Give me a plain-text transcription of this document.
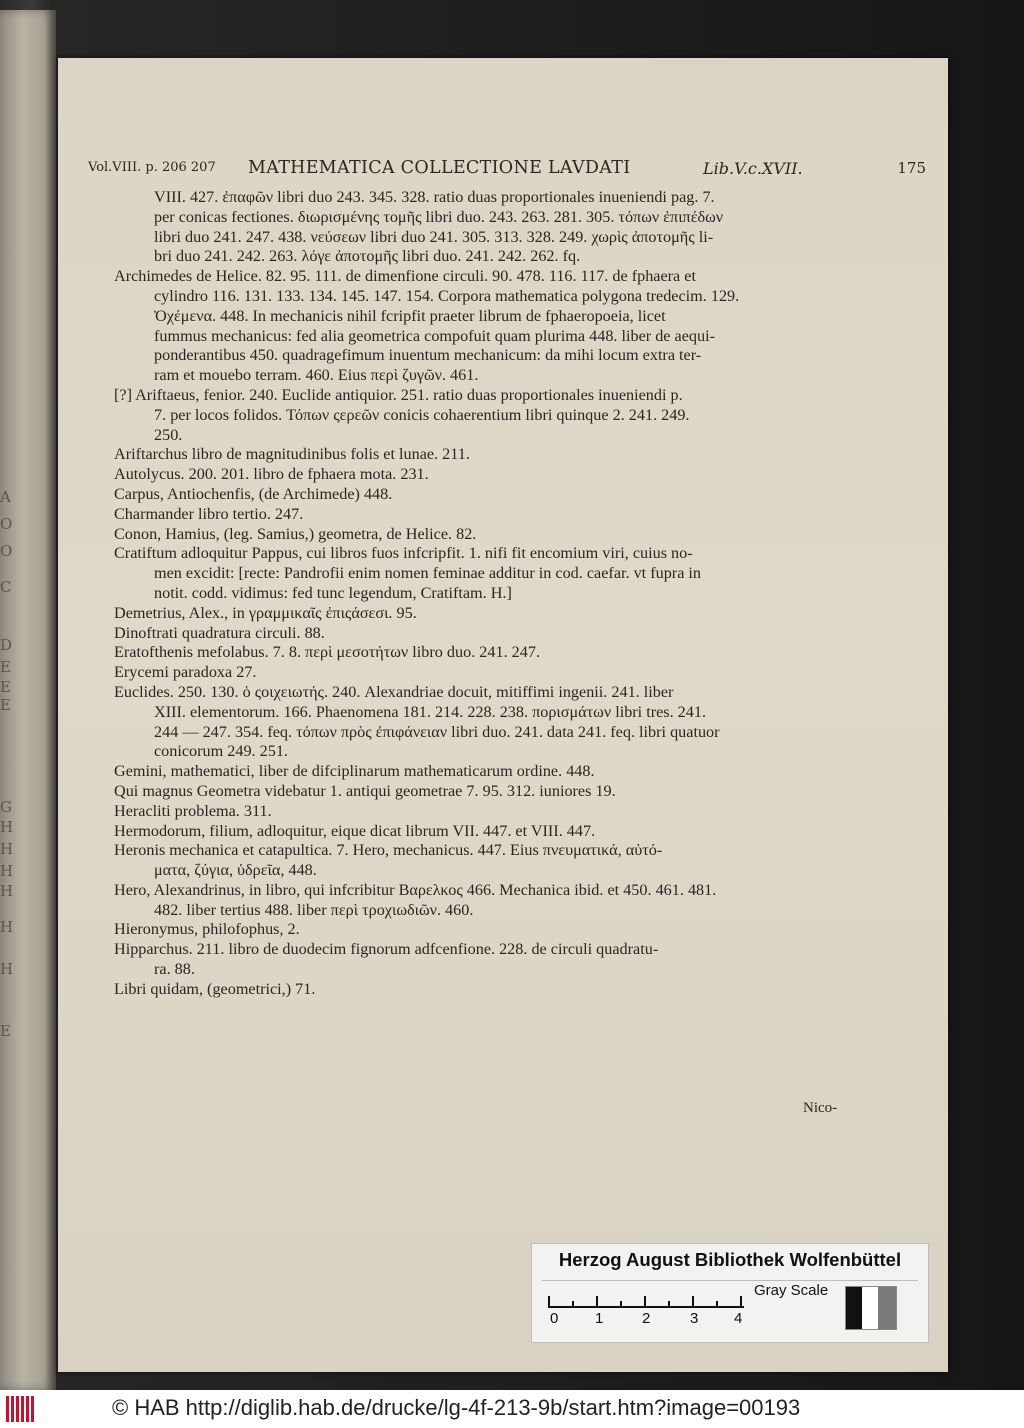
A
O
O
C
D
E
E
E
G
H
H
H
H
H
H
E
Vol.VIII. p. 206 207 MATHEMATICA COLLECTIONE LAVDATI	Lib.V.c.XVII.	175
VIII. 427. ἐπαφῶν libri duo 243. 345. 328. ratio duas proportionales inueniendi pag. 7.
per conicas fectiones. διωρισμένης τομῆς libri duo. 243. 263. 281. 305. τόπων ἐπιπέδων
libri duo 241. 247. 438. νεύσεων libri duo 241. 305. 313. 328. 249. χωρὶς ἀποτομῆς li-
bri duo 241. 242. 263. λόγε ἀποτομῆς libri duo. 241. 242. 262. fq.
Archimedes de Helice. 82. 95. 111. de dimenfione circuli. 90. 478. 116. 117. de fphaera et
cylindro 116. 131. 133. 134. 145. 147. 154. Corpora mathematica polygona tredecim. 129.
Ὀχέμενα. 448. In mechanicis nihil fcripfit praeter librum de fphaeropoeia, licet
fummus mechanicus: fed alia geometrica compofuit quam plurima 448. liber de aequi-
ponderantibus 450. quadragefimum inuentum mechanicum: da mihi locum extra ter-
ram et mouebo terram. 460. Eius περὶ ζυγῶν. 461.
[?] Ariftaeus, fenior. 240. Euclide antiquior. 251. ratio duas proportionales inueniendi p.
7. per locos folidos. Τόπων ςερεῶν conicis cohaerentium libri quinque 2. 241. 249.
250.
Ariftarchus libro de magnitudinibus folis et lunae. 211.
Autolycus. 200. 201. libro de fphaera mota. 231.
Carpus, Antiochenfis, (de Archimede) 448.
Charmander libro tertio. 247.
Conon, Hamius, (leg. Samius,) geometra, de Helice. 82.
Cratiftum adloquitur Pappus, cui libros fuos infcripfit. 1. nifi fit encomium viri, cuius no-
men excidit: [recte: Pandrofii enim nomen feminae additur in cod. caefar. vt fupra in
notit. codd. vidimus: fed tunc legendum, Cratiftam. H.]
Demetrius, Alex., in γραμμικαῖς ἐπιςάσεσι. 95.
Dinoftrati quadratura circuli. 88.
Eratofthenis mefolabus. 7. 8. περὶ μεσοτήτων libro duo. 241. 247.
Erycemi paradoxa 27.
Euclides. 250. 130. ὁ ςοιχειωτής. 240. Alexandriae docuit, mitiffimi ingenii. 241. liber
XIII. elementorum. 166. Phaenomena 181. 214. 228. 238. πορισμάτων libri tres. 241.
244 — 247. 354. feq. τόπων πρὸς ἐπιφάνειαν libri duo. 241. data 241. feq. libri quatuor
conicorum 249. 251.
Gemini, mathematici, liber de difciplinarum mathematicarum ordine. 448.
Qui magnus Geometra videbatur 1. antiqui geometrae 7. 95. 312. iuniores 19.
Heracliti problema. 311.
Hermodorum, filium, adloquitur, eique dicat librum VII. 447. et VIII. 447.
Heronis mechanica et catapultica. 7. Hero, mechanicus. 447. Eius πνευματικά, αὐτό-
ματα, ζύγια, ὑδρεῖα, 448.
Hero, Alexandrinus, in libro, qui infcribitur Βαρελκος 466. Mechanica ibid. et 450. 461. 481.
482. liber tertius 488. liber περὶ τροχιωδιῶν. 460.
Hieronymus, philofophus, 2.
Hipparchus. 211. libro de duodecim fignorum adfcenfione. 228. de circuli quadratu-
ra. 88.
Libri quidam, (geometrici,) 71.
Nico-
Herzog August Bibliothek Wolfenbüttel
0 1	2	3 4
Gray Scale
© HAB http://diglib.hab.de/drucke/lg-4f-213-9b/start.htm?image=00193
